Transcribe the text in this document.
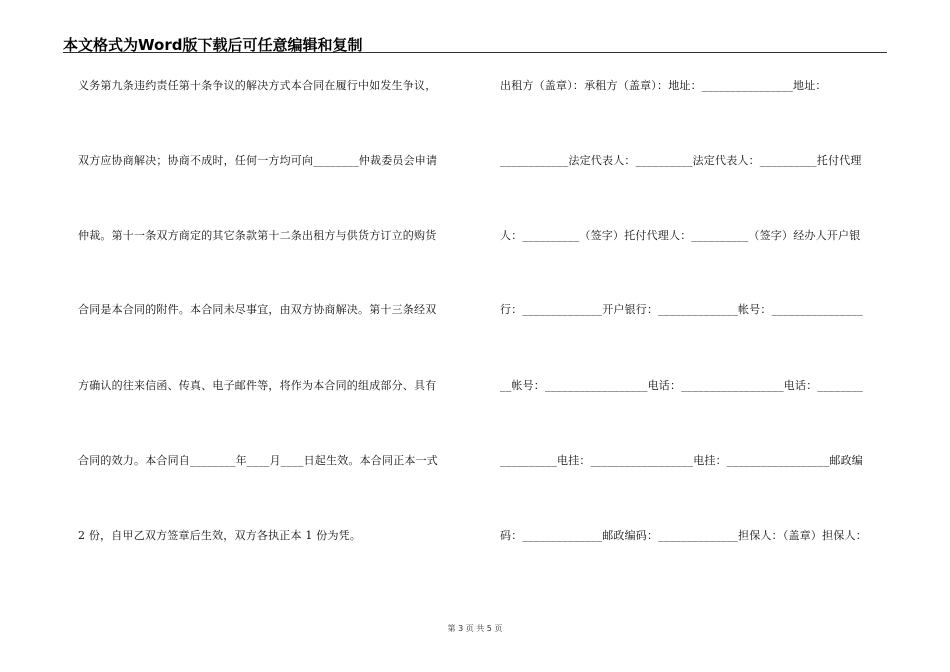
本文格式为Word版下载后可任意编辑和复制
义务第九条违约责任第十条争议的解决方式本合同在履行中如发生争议，
双方应协商解决；协商不成时，任何一方均可向________仲裁委员会申请
仲裁。第十一条双方商定的其它条款第十二条出租方与供货方订立的购货
合同是本合同的附件。本合同未尽事宜，由双方协商解决。第十三条经双
方确认的往来信函、传真、电子邮件等，将作为本合同的组成部分、具有
合同的效力。本合同自________年____月____日起生效。本合同正本一式
2 份，自甲乙双方签章后生效，双方各执正本 1 份为凭。
出租方（盖章）：承租方（盖章）：地址：________________地址：
____________法定代表人：__________法定代表人：__________托付代理
人：__________（签字）托付代理人：__________（签字）经办人开户银
行：______________开户银行：______________帐号：________________
__帐号：__________________电话：__________________电话：________
__________电挂：__________________电挂：__________________邮政编
码：______________邮政编码：______________担保人：（盖章）担保人：
第 3 页 共 5 页
